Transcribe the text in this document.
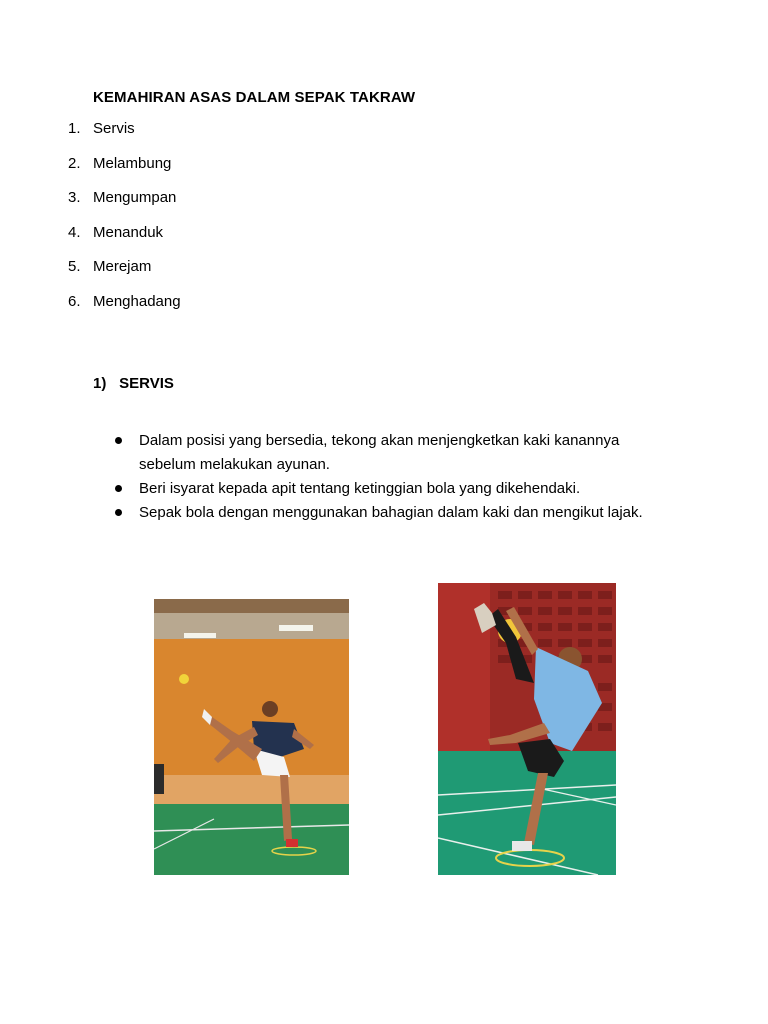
KEMAHIRAN ASAS DALAM SEPAK TAKRAW
1. Servis
2. Melambung
3. Mengumpan
4. Menanduk
5. Merejam
6. Menghadang
1) SERVIS
Dalam posisi yang bersedia, tekong akan menjengketkan kaki kanannya sebelum melakukan ayunan.
Beri isyarat kepada apit tentang ketinggian bola yang dikehendaki.
Sepak bola dengan menggunakan bahagian dalam kaki dan mengikut lajak.
